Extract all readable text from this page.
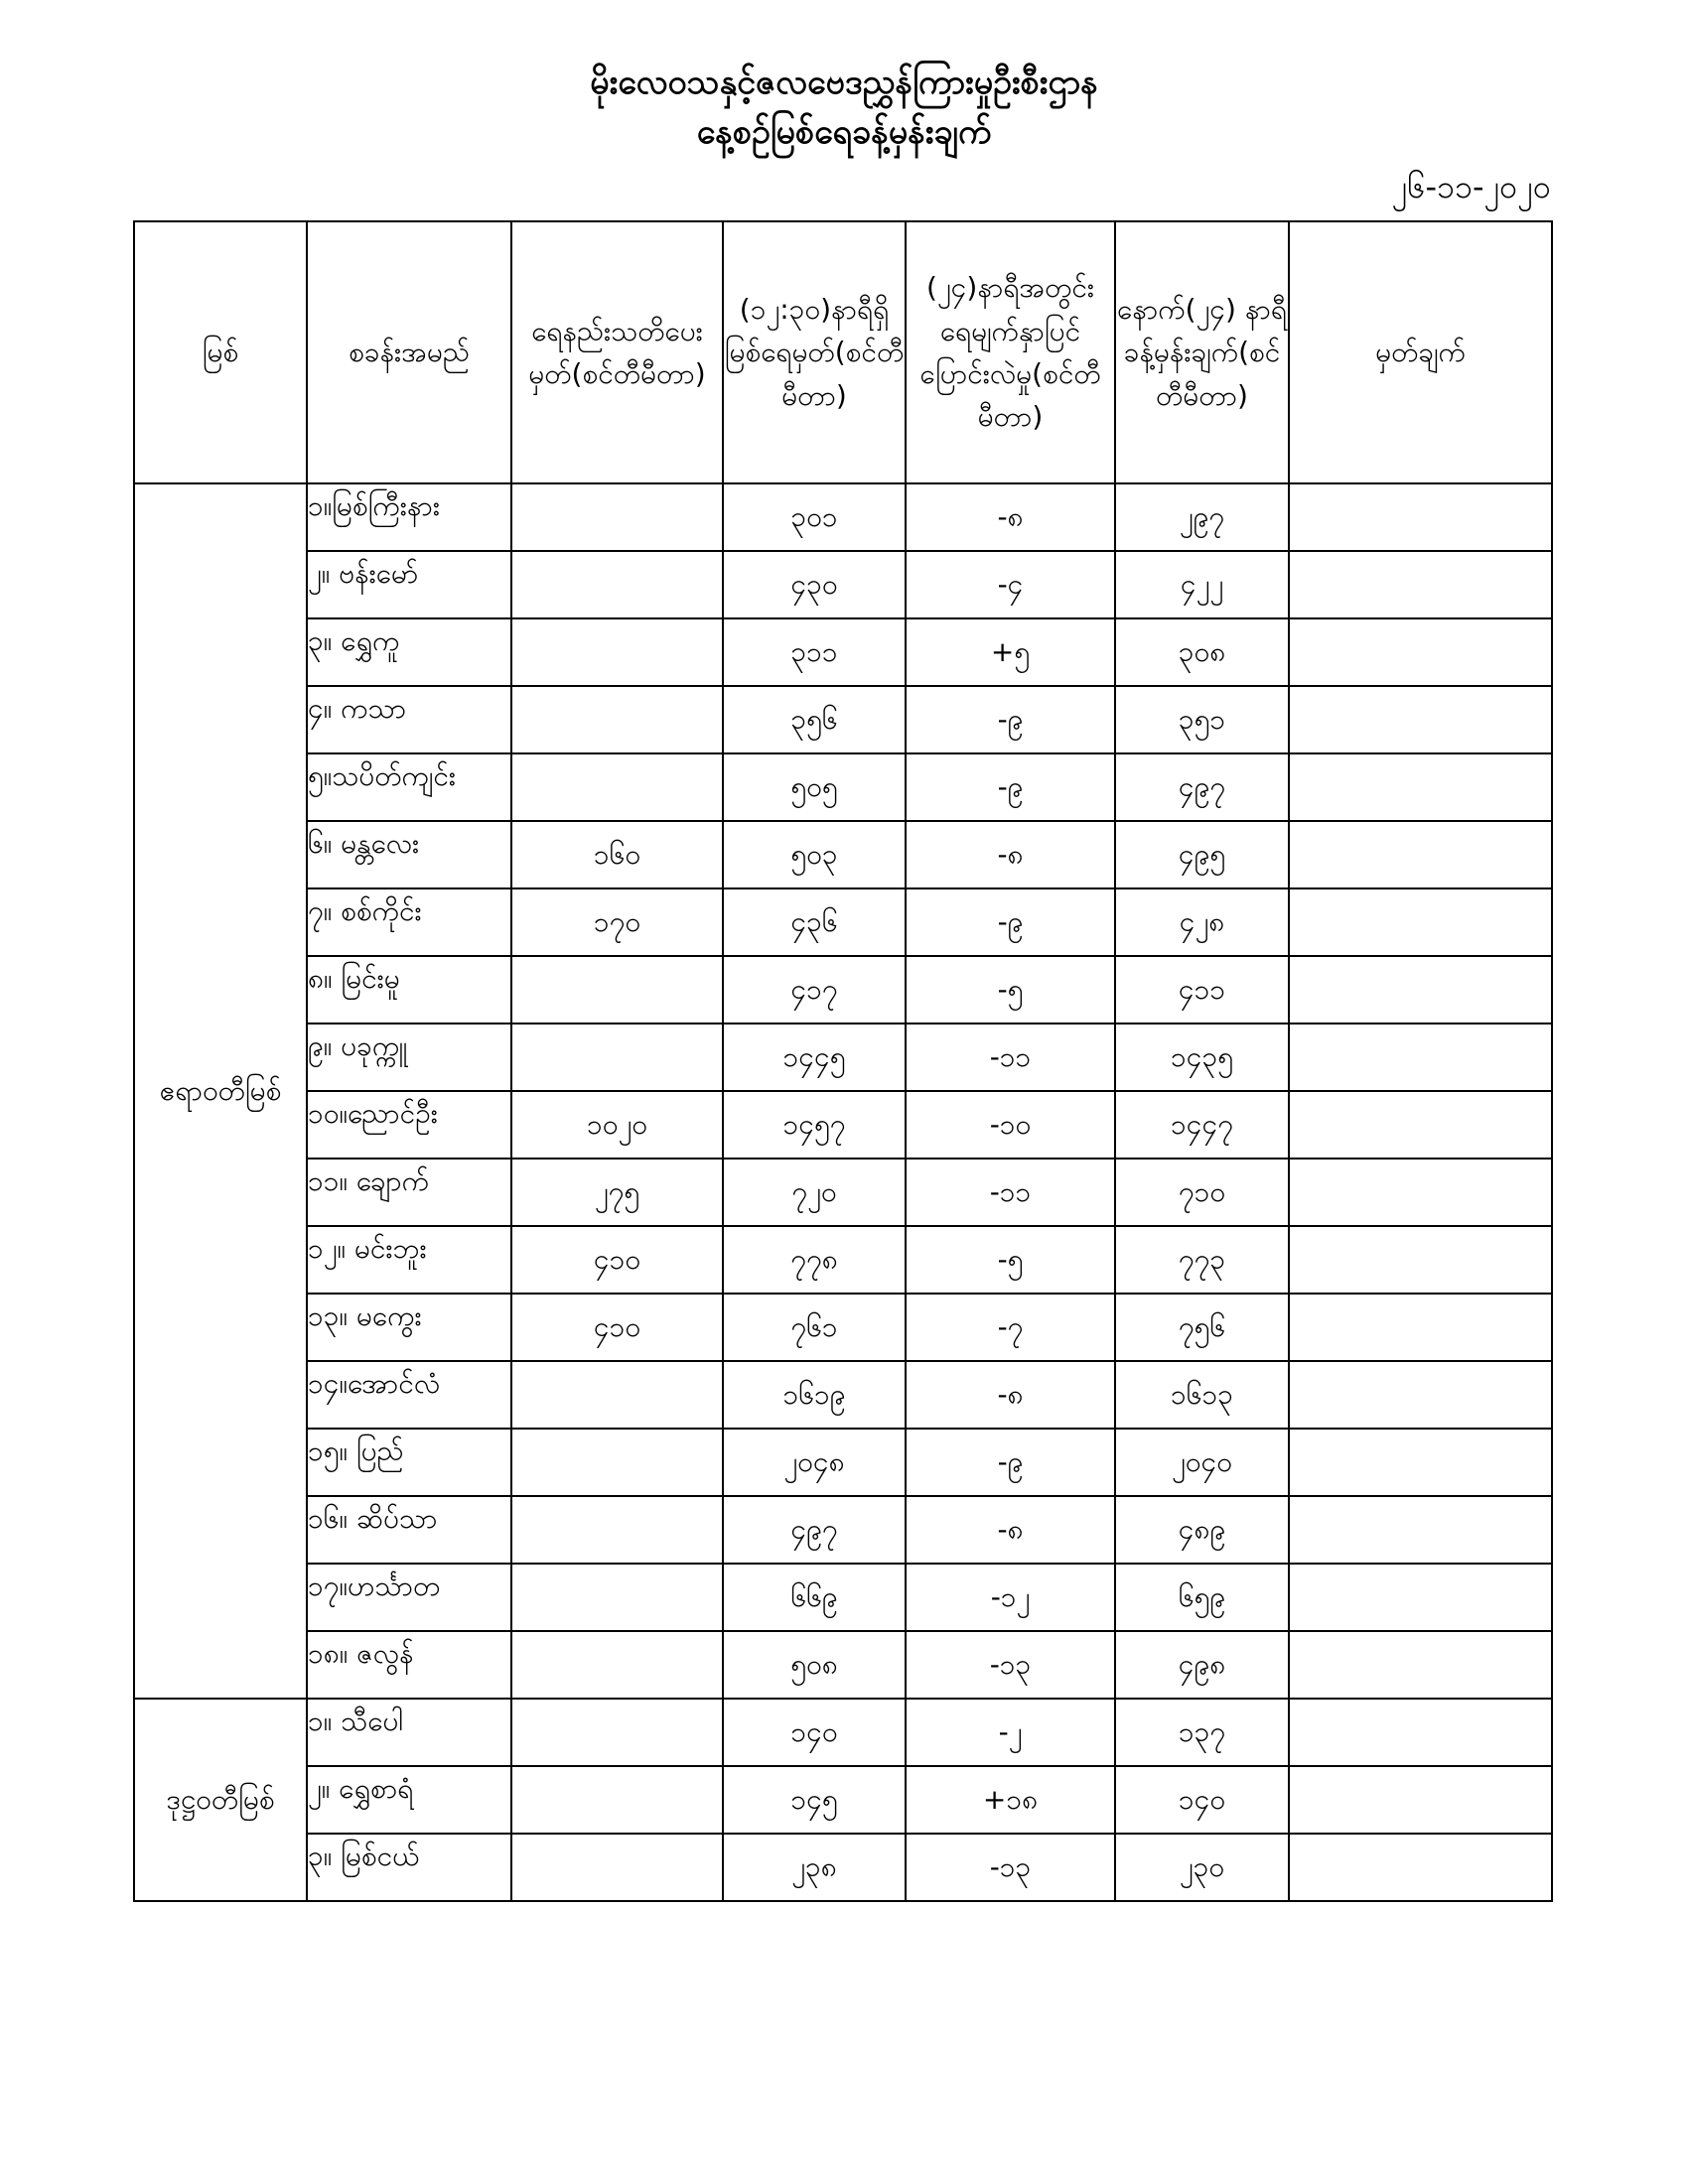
မိုးလေဝသနှင့်ဇလဗေဒညွှန်ကြားမှုဦးစီးဌာန
နေ့စဉ်မြစ်ရေခန့်မှန်းချက်
၂၆-၁၁-၂၀၂၀
မြစ်	စခန်းအမည်	ရေနည်းသတိပေးမှတ်(စင်တီမီတာ)	(၁၂:၃၀)နာရီရှိမြစ်ရေမှတ်(စင်တီမီတာ)	(၂၄)နာရီအတွင်းရေမျက်နှာပြင်ပြောင်းလဲမှု(စင်တီမီတာ)	နောက်(၂၄) နာရီခန့်မှန်းချက်(စင်တီမီတာ)	မှတ်ချက်
ဧရာဝတီမြစ်	၁။မြစ်ကြီးနား		၃၀၁	-၈	၂၉၇	
	၂။ ဗန်းမော်		၄၃၀	-၄	၄၂၂	
	၃။ ရွှေကူ		၃၁၁	+၅	၃၀၈	
	၄။ ကသာ		၃၅၆	-၉	၃၅၁	
	၅။သပိတ်ကျင်း		၅၀၅	-၉	၄၉၇	
	၆။ မန္တလေး	၁၆၀	၅၀၃	-၈	၄၉၅	
	၇။ စစ်ကိုင်း	၁၇၀	၄၃၆	-၉	၄၂၈	
	၈။ မြင်းမူ		၄၁၇	-၅	၄၁၁	
	၉။ ပခုက္ကူ		၁၄၄၅	-၁၁	၁၄၃၅	
	၁၀။ညောင်ဦး	၁၀၂၀	၁၄၅၇	-၁၀	၁၄၄၇	
	၁၁။ ချောက်	၂၇၅	၇၂၀	-၁၁	၇၁၀	
	၁၂။ မင်းဘူး	၄၁၀	၇၇၈	-၅	၇၇၃	
	၁၃။ မကွေး	၄၁၀	၇၆၁	-၇	၇၅၆	
	၁၄။အောင်လံ		၁၆၁၉	-၈	၁၆၁၃	
	၁၅။ ပြည်		၂၀၄၈	-၉	၂၀၄၀	
	၁၆။ ဆိပ်သာ		၄၉၇	-၈	၄၈၉	
	၁၇။ဟင်္သာတ		၆၆၉	-၁၂	၆၅၉	
	၁၈။ ဇလွန်		၅၀၈	-၁၃	၄၉၈	
ဒုဋ္ဌဝတီမြစ်	၁။ သီပေါ		၁၄၀	-၂	၁၃၇	
	၂။ ရွှေစာရံ		၁၄၅	+၁၈	၁၄၀	
	၃။ မြစ်ငယ်		၂၃၈	-၁၃	၂၃၀	
